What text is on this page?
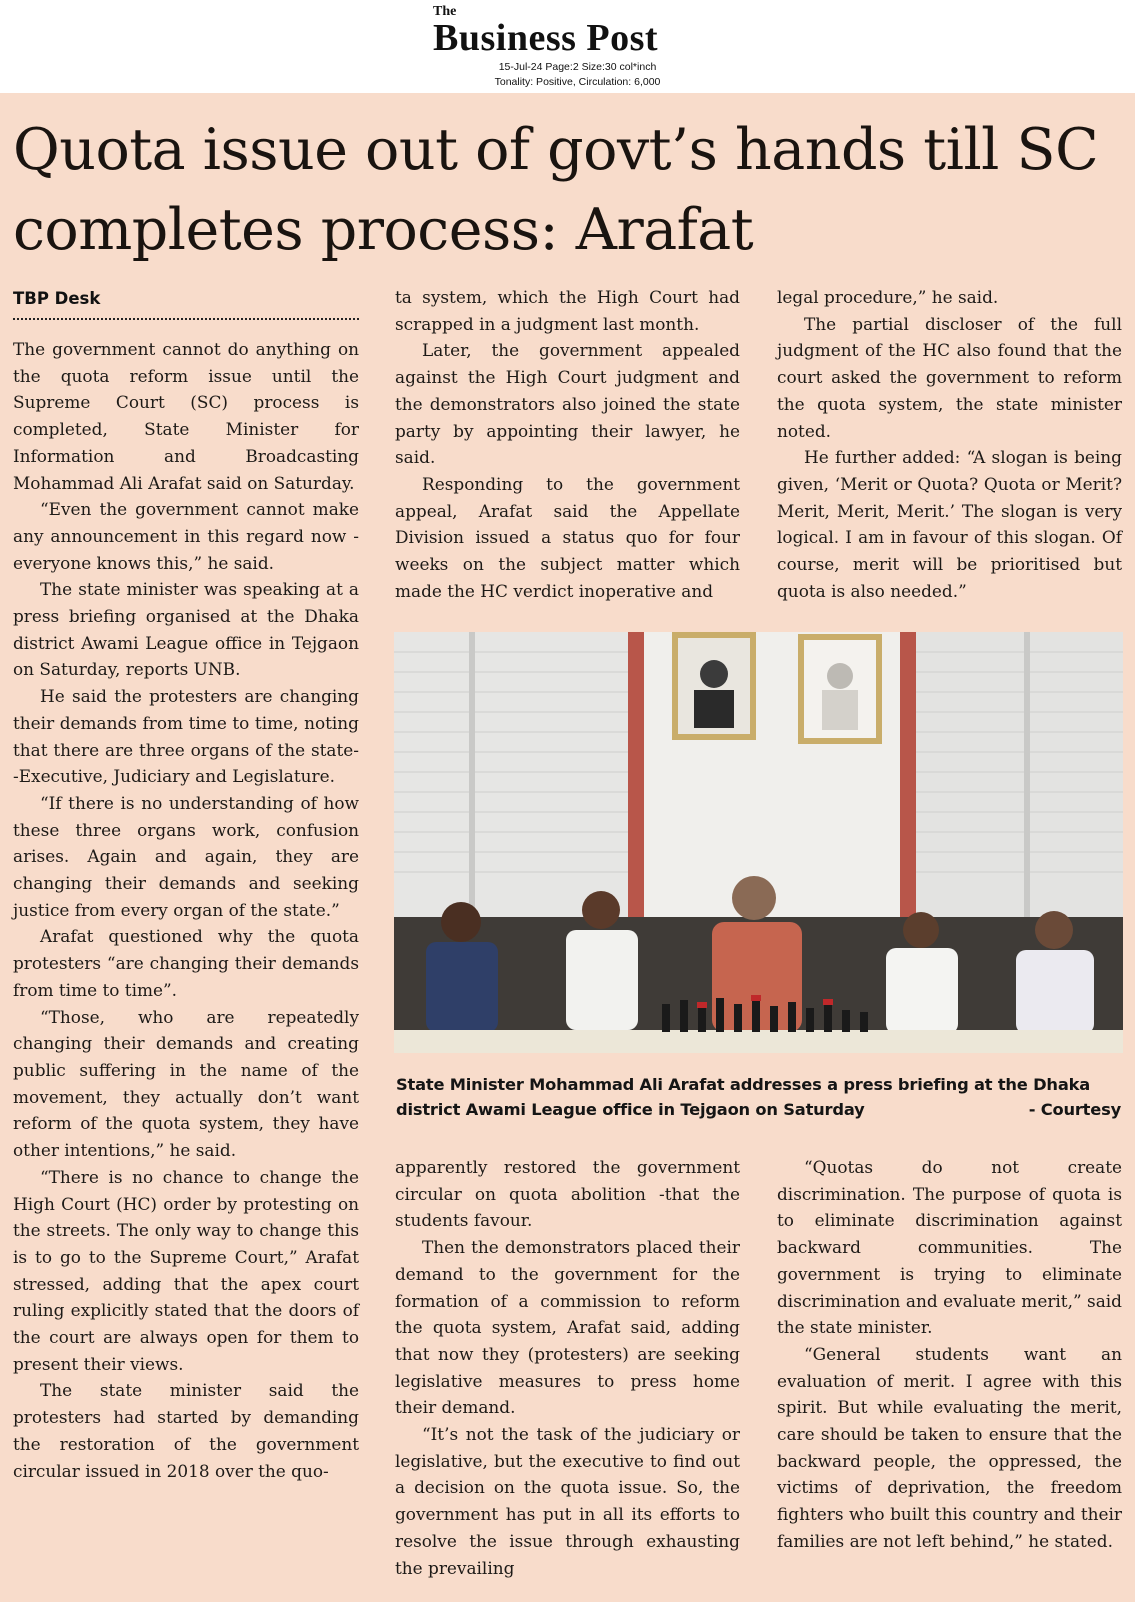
The
Business Post
15-Jul-24 Page:2 Size:30 col*inch
Tonality: Positive, Circulation: 6,000
Quota issue out of govt’s hands till SC completes process: Arafat
TBP Desk

The government cannot do anything on the quota reform issue until the Supreme Court (SC) process is completed, State Minister for Information and Broadcasting Mohammad Ali Arafat said on Saturday.

“Even the government cannot make any announcement in this regard now - everyone knows this,” he said.

The state minister was speaking at a press briefing organised at the Dhaka district Awami League office in Tejgaon on Saturday, reports UNB.

He said the protesters are changing their demands from time to time, noting that there are three organs of the state--Executive, Judiciary and Legislature.

“If there is no understanding of how these three organs work, confusion arises. Again and again, they are changing their demands and seeking justice from every organ of the state.”

Arafat questioned why the quota protesters “are changing their demands from time to time”.

“Those, who are repeatedly changing their demands and creating public suffering in the name of the movement, they actually don’t want reform of the quota system, they have other intentions,” he said.

“There is no chance to change the High Court (HC) order by protesting on the streets. The only way to change this is to go to the Supreme Court,” Arafat stressed, adding that the apex court ruling explicitly stated that the doors of the court are always open for them to present their views.

The state minister said the protesters had started by demanding the restoration of the government circular issued in 2018 over the quo-

ta system, which the High Court had scrapped in a judgment last month.

Later, the government appealed against the High Court judgment and the demonstrators also joined the state party by appointing their lawyer, he said.

Responding to the government appeal, Arafat said the Appellate Division issued a status quo for four weeks on the subject matter which made the HC verdict inoperative and

legal procedure,” he said.

The partial discloser of the full judgment of the HC also found that the court asked the government to reform the quota system, the state minister noted.

He further added: “A slogan is being given, ‘Merit or Quota? Quota or Merit? Merit, Merit, Merit.’ The slogan is very logical. I am in favour of this slogan. Of course, merit will be prioritised but quota is also needed.”

State Minister Mohammad Ali Arafat addresses a press briefing at the Dhaka district Awami League office in Tejgaon on Saturday	- Courtesy

apparently restored the government circular on quota abolition -that the students favour.

Then the demonstrators placed their demand to the government for the formation of a commission to reform the quota system, Arafat said, adding that now they (protesters) are seeking legislative measures to press home their demand.

“It’s not the task of the judiciary or legislative, but the executive to find out a decision on the quota issue. So, the government has put in all its efforts to resolve the issue through exhausting the prevailing

“Quotas do not create discrimination. The purpose of quota is to eliminate discrimination against backward communities. The government is trying to eliminate discrimination and evaluate merit,” said the state minister.

“General students want an evaluation of merit. I agree with this spirit. But while evaluating the merit, care should be taken to ensure that the backward people, the oppressed, the victims of deprivation, the freedom fighters who built this country and their families are not left behind,” he stated.
